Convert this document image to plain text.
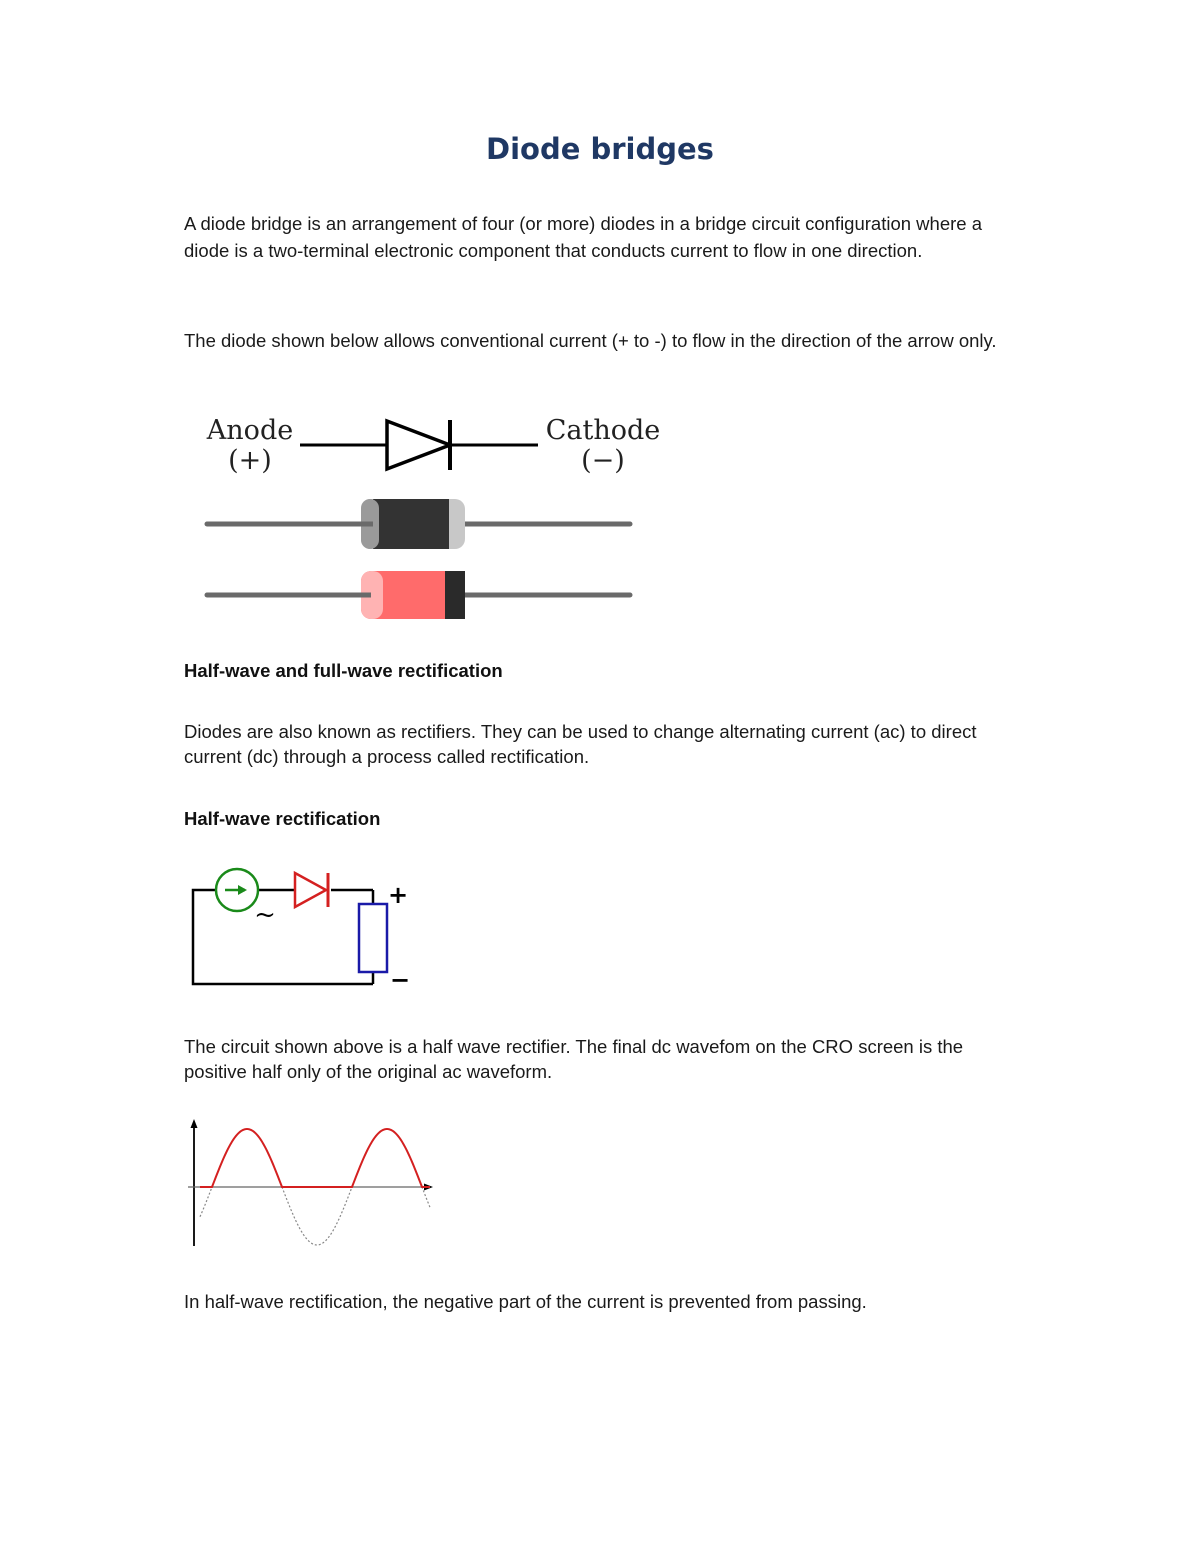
Diode bridges

A diode bridge is an arrangement of four (or more) diodes in a bridge circuit configuration where a diode is a two-terminal electronic component that conducts current to flow in one direction.

The diode shown below allows conventional current (+ to -) to flow in the direction of the arrow only.

Anode
(+)
Cathode
(−)
Half-wave and full-wave rectification

Diodes are also known as rectifiers. They can be used to change alternating current (ac) to direct current (dc) through a process called rectification.

Half-wave rectification
~
+
−

The circuit shown above is a half wave rectifier. The final dc wavefom on the CRO screen is the positive half only of the original ac waveform.

In half-wave rectification, the negative part of the current is prevented from passing.
